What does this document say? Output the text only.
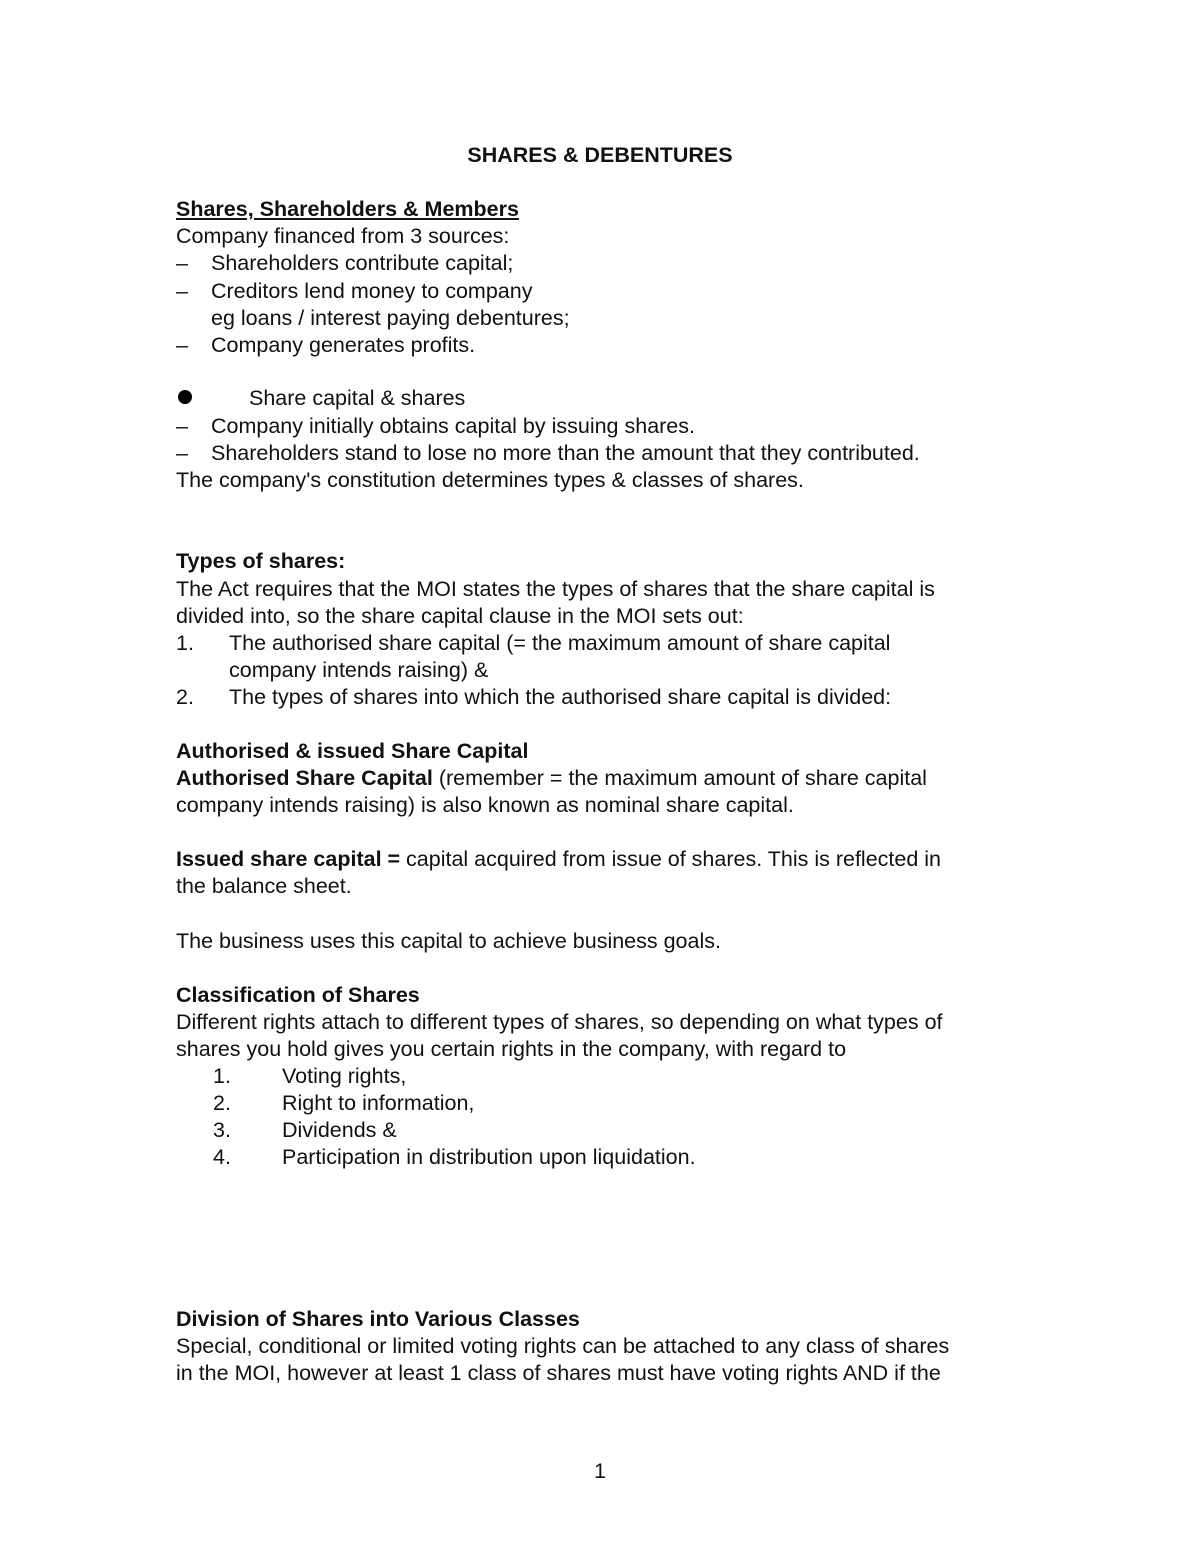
SHARES & DEBENTURES
Shares, Shareholders & Members
Company financed from 3 sources:
– Shareholders contribute capital;
– Creditors lend money to company
eg loans / interest paying debentures;
– Company generates profits.
Share capital & shares
– Company initially obtains capital by issuing shares.
– Shareholders stand to lose no more than the amount that they contributed.
The company's constitution determines types & classes of shares.
Types of shares:
The Act requires that the MOI states the types of shares that the share capital is
divided into, so the share capital clause in the MOI sets out:
1. The authorised share capital (= the maximum amount of share capital
company intends raising) &
2. The types of shares into which the authorised share capital is divided:
Authorised & issued Share Capital
Authorised Share Capital (remember = the maximum amount of share capital
company intends raising) is also known as nominal share capital.
Issued share capital = capital acquired from issue of shares. This is reflected in
the balance sheet.
The business uses this capital to achieve business goals.
Classification of Shares
Different rights attach to different types of shares, so depending on what types of
shares you hold gives you certain rights in the company, with regard to
1. Voting rights,
2. Right to information,
3. Dividends &
4. Participation in distribution upon liquidation.
Division of Shares into Various Classes
Special, conditional or limited voting rights can be attached to any class of shares
in the MOI, however at least 1 class of shares must have voting rights AND if the
1
